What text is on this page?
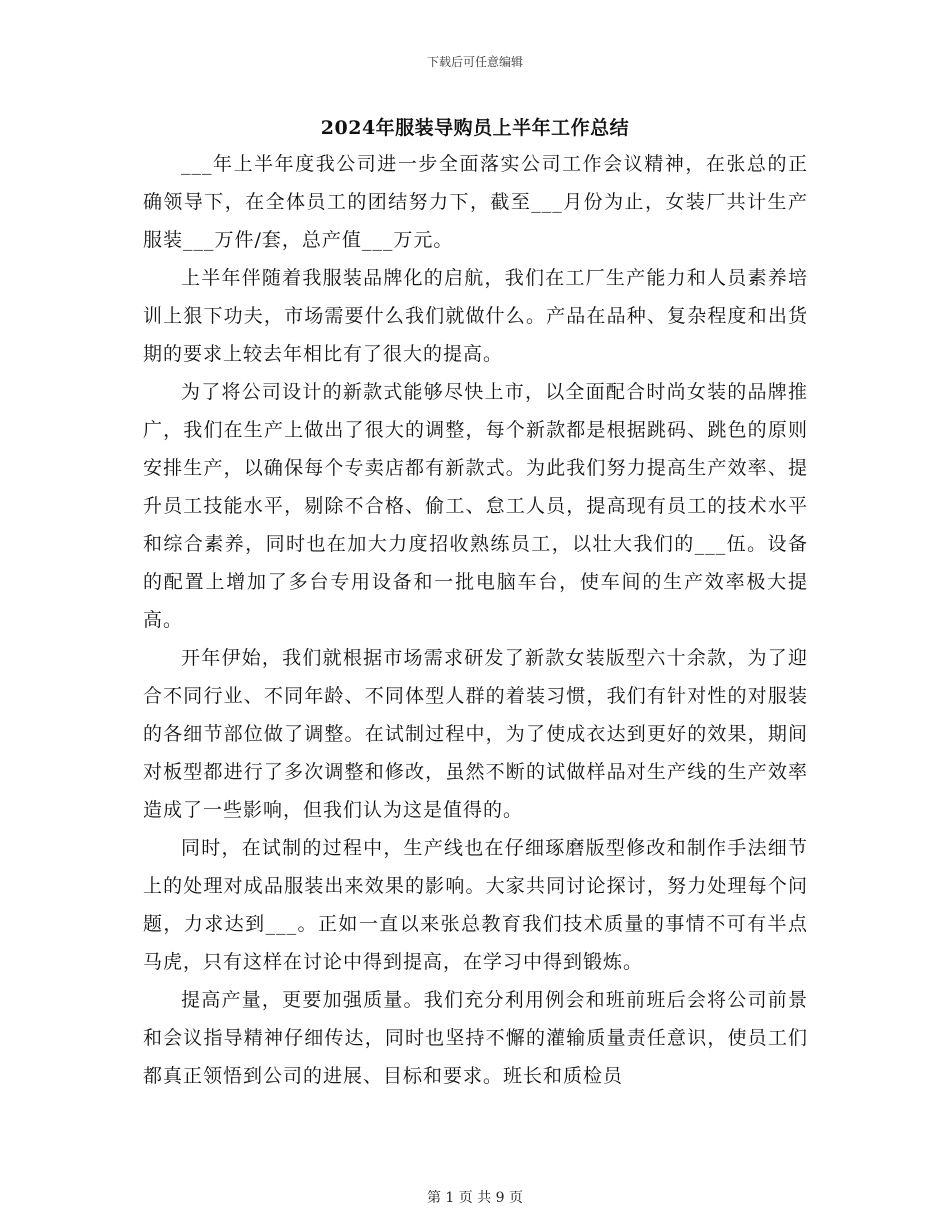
下载后可任意编辑
2024年服装导购员上半年工作总结

___年上半年度我公司进一步全面落实公司工作会议精神，在张总的正确领导下，在全体员工的团结努力下，截至___月份为止，女装厂共计生产服装___万件/套，总产值___万元。

上半年伴随着我服装品牌化的启航，我们在工厂生产能力和人员素养培训上狠下功夫，市场需要什么我们就做什么。产品在品种、复杂程度和出货期的要求上较去年相比有了很大的提高。

为了将公司设计的新款式能够尽快上市，以全面配合时尚女装的品牌推广，我们在生产上做出了很大的调整，每个新款都是根据跳码、跳色的原则安排生产，以确保每个专卖店都有新款式。为此我们努力提高生产效率、提升员工技能水平，剔除不合格、偷工、怠工人员，提高现有员工的技术水平和综合素养，同时也在加大力度招收熟练员工，以壮大我们的___伍。设备的配置上增加了多台专用设备和一批电脑车台，使车间的生产效率极大提高。

开年伊始，我们就根据市场需求研发了新款女装版型六十余款，为了迎合不同行业、不同年龄、不同体型人群的着装习惯，我们有针对性的对服装的各细节部位做了调整。在试制过程中，为了使成衣达到更好的效果，期间对板型都进行了多次调整和修改，虽然不断的试做样品对生产线的生产效率造成了一些影响，但我们认为这是值得的。

同时，在试制的过程中，生产线也在仔细琢磨版型修改和制作手法细节上的处理对成品服装出来效果的影响。大家共同讨论探讨，努力处理每个问题，力求达到___。正如一直以来张总教育我们技术质量的事情不可有半点马虎，只有这样在讨论中得到提高，在学习中得到锻炼。

提高产量，更要加强质量。我们充分利用例会和班前班后会将公司前景和会议指导精神仔细传达，同时也坚持不懈的灌输质量责任意识，使员工们都真正领悟到公司的进展、目标和要求。班长和质检员

第 1 页 共 9 页
